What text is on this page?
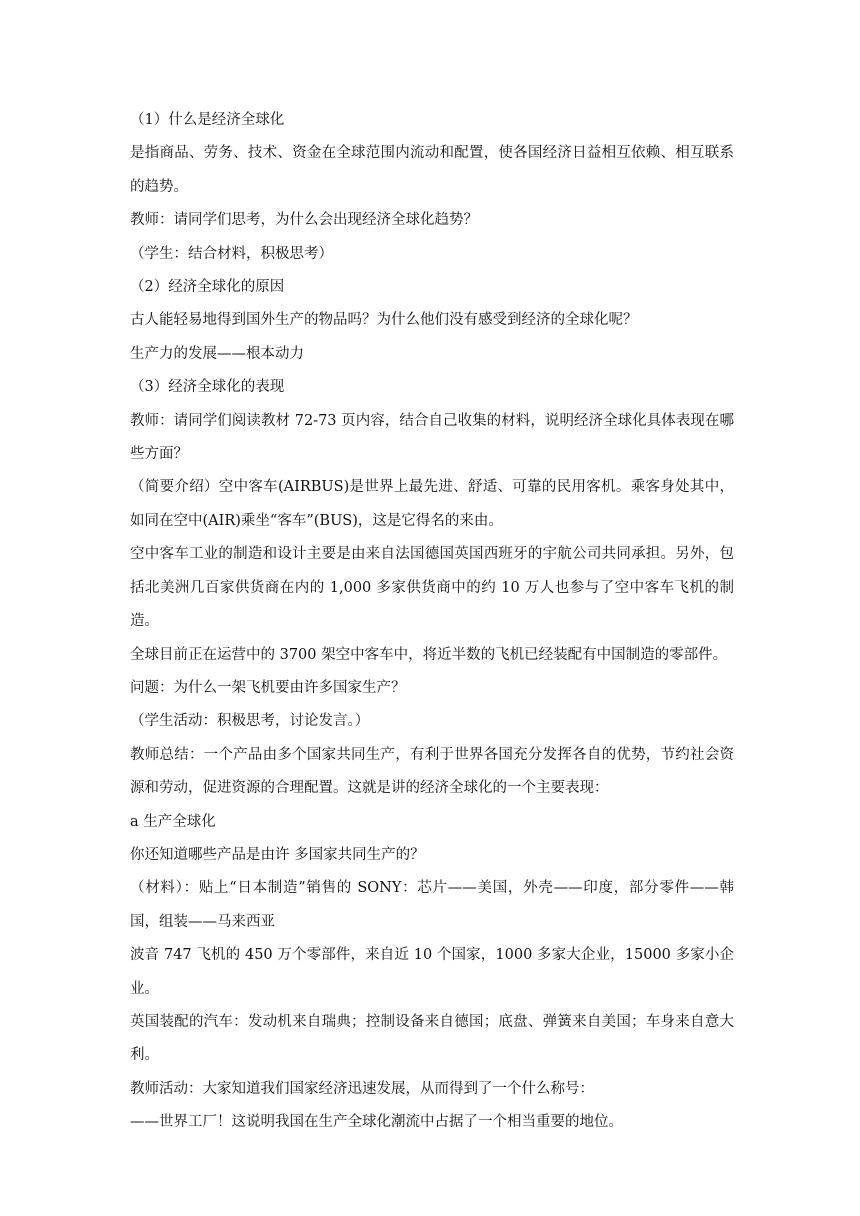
（1）什么是经济全球化

是指商品、劳务、技术、资金在全球范围内流动和配置，使各国经济日益相互依赖、相互联系的趋势。

教师：请同学们思考，为什么会出现经济全球化趋势？

（学生：结合材料，积极思考）

（2）经济全球化的原因

古人能轻易地得到国外生产的物品吗？为什么他们没有感受到经济的全球化呢？

生产力的发展——根本动力

（3）经济全球化的表现

教师：请同学们阅读教材 72-73 页内容，结合自己收集的材料，说明经济全球化具体表现在哪些方面？

（简要介绍）空中客车(AIRBUS)是世界上最先进、舒适、可靠的民用客机。乘客身处其中，如同在空中(AIR)乘坐“客车”(BUS)，这是它得名的来由。

空中客车工业的制造和设计主要是由来自法国德国英国西班牙的宇航公司共同承担。另外，包括北美洲几百家供货商在内的 1,000 多家供货商中的约 10 万人也参与了空中客车飞机的制造。

全球目前正在运营中的 3700 架空中客车中，将近半数的飞机已经装配有中国制造的零部件。

问题：为什么一架飞机要由许多国家生产？

（学生活动：积极思考，讨论发言。）

教师总结：一个产品由多个国家共同生产，有利于世界各国充分发挥各自的优势，节约社会资源和劳动，促进资源的合理配置。这就是讲的经济全球化的一个主要表现：

a 生产全球化

你还知道哪些产品是由许 多国家共同生产的？

（材料）：贴上“日本制造”销售的 SONY：芯片——美国，外壳——印度，部分零件——韩国，组装——马来西亚

波音 747 飞机的 450 万个零部件，来自近 10 个国家，1000 多家大企业，15000 多家小企业。

英国装配的汽车：发动机来自瑞典；控制设备来自德国；底盘、弹簧来自美国；车身来自意大利。

教师活动：大家知道我们国家经济迅速发展，从而得到了一个什么称号：

——世界工厂！这说明我国在生产全球化潮流中占据了一个相当重要的地位。
